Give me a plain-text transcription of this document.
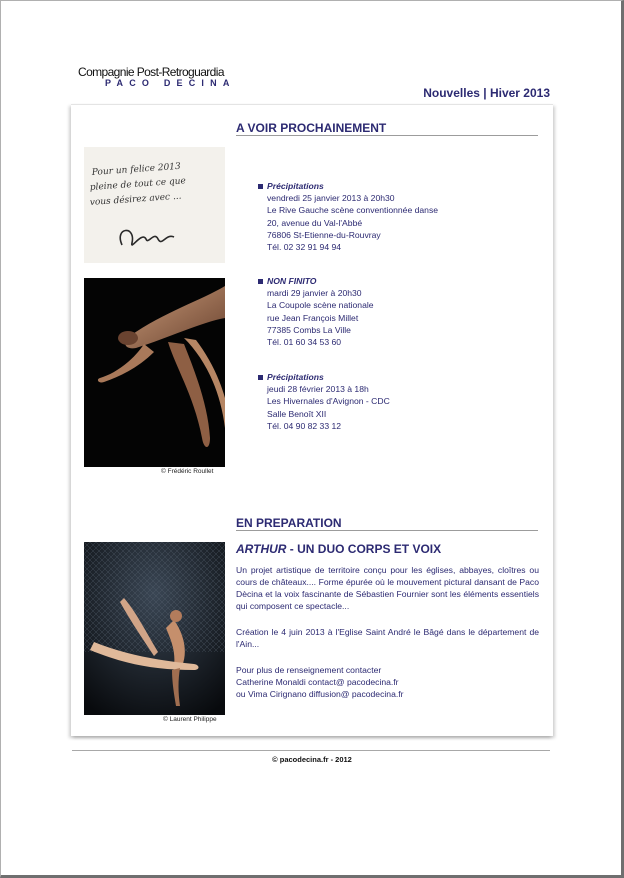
Compagnie Post-Retroguardia
PACO DECINA
Nouvelles | Hiver 2013
A VOIR PROCHAINEMENT
Pour un felice 2013
pleine de tout ce que
vous désirez avec ...
© Frédéric Roullet
Précipitations
vendredi 25 janvier 2013 à 20h30
Le Rive Gauche scène conventionnée danse
20, avenue du Val-l'Abbé
76806 St-Etienne-du-Rouvray
Tél. 02 32 91 94 94
NON FINITO
mardi 29 janvier à 20h30
La Coupole scène nationale
rue Jean François Millet
77385 Combs La Ville
Tél. 01 60 34 53 60
Précipitations
jeudi 28 février 2013 à 18h
Les Hivernales d'Avignon - CDC
Salle Benoît XII
Tél. 04 90 82 33 12
EN PREPARATION
© Laurent Philippe
ARTHUR - UN DUO CORPS ET VOIX
Un projet artistique de territoire conçu pour les églises, abbayes, cloîtres ou cours de châteaux.... Forme épurée où le mouvement pictural dansant de Paco Dècina et la voix fascinante de Sébastien Fournier sont les éléments essentiels qui composent ce spectacle...
Création le 4 juin 2013 à l'Eglise Saint André le Bâgé dans le département de l'Ain...
Pour plus de renseignement contacter
Catherine Monaldi contact@ pacodecina.fr
ou Vima Cirignano diffusion@ pacodecina.fr
© pacodecina.fr - 2012
